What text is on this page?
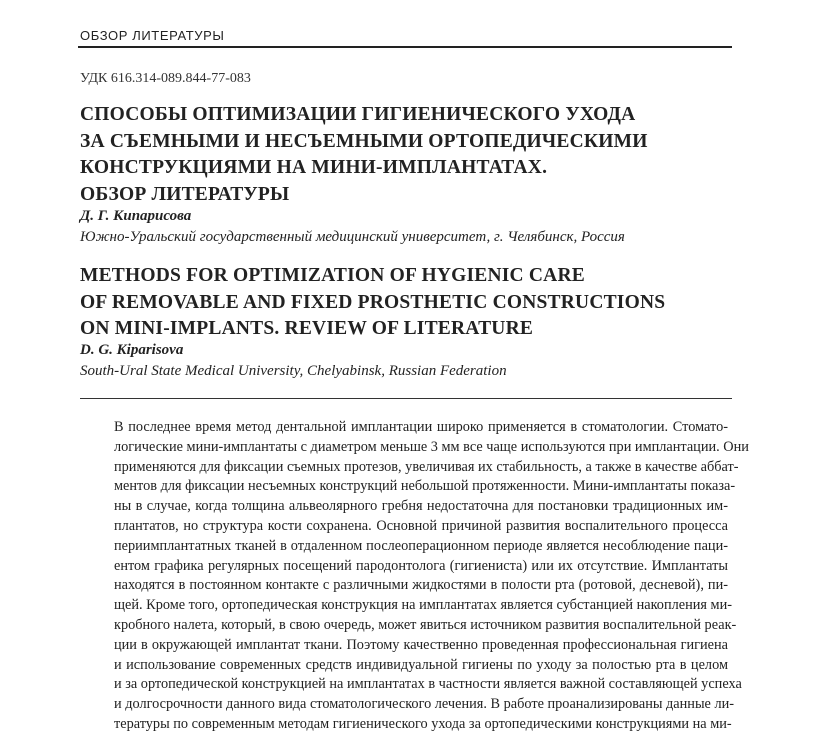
ОБЗОР ЛИТЕРАТУРЫ
УДК 616.314-089.844-77-083
СПОСОБЫ ОПТИМИЗАЦИИ ГИГИЕНИЧЕСКОГО УХОДА
ЗА СЪЕМНЫМИ И НЕСЪЕМНЫМИ ОРТОПЕДИЧЕСКИМИ
КОНСТРУКЦИЯМИ НА МИНИ-ИМПЛАНТАТАХ.
ОБЗОР ЛИТЕРАТУРЫ
Д. Г. Кипарисова
Южно-Уральский государственный медицинский университет, г. Челябинск, Россия
METHODS FOR OPTIMIZATION OF HYGIENIC CARE
OF REMOVABLE AND FIXED PROSTHETIC CONSTRUCTIONS
ON MINI-IMPLANTS. REVIEW OF LITERATURE
D. G. Kiparisova
South-Ural State Medical University, Chelyabinsk, Russian Federation
В последнее время метод дентальной имплантации широко применяется в стоматологии. Стомато-
логические мини-имплантаты с диаметром меньше 3 мм все чаще используются при имплантации. Они
применяются для фиксации съемных протезов, увеличивая их стабильность, а также в качестве аббат-
ментов для фиксации несъемных конструкций небольшой протяженности. Мини-имплантаты показа-
ны в случае, когда толщина альвеолярного гребня недостаточна для постановки традиционных им-
плантатов, но структура кости сохранена. Основной причиной развития воспалительного процесса
периимплантатных тканей в отдаленном послеоперационном периоде является несоблюдение паци-
ентом графика регулярных посещений пародонтолога (гигиениста) или их отсутствие. Имплантаты
находятся в постоянном контакте с различными жидкостями в полости рта (ротовой, десневой), пи-
щей. Кроме того, ортопедическая конструкция на имплантатах является субстанцией накопления ми-
кробного налета, который, в свою очередь, может явиться источником развития воспалительной реак-
ции в окружающей имплантат ткани. Поэтому качественно проведенная профессиональная гигиена
и использование современных средств индивидуальной гигиены по уходу за полостью рта в целом
и за ортопедической конструкцией на имплантатах в частности является важной составляющей успеха
и долгосрочности данного вида стоматологического лечения. В работе проанализированы данные ли-
тературы по современным методам гигиенического ухода за ортопедическими конструкциями на ми-
